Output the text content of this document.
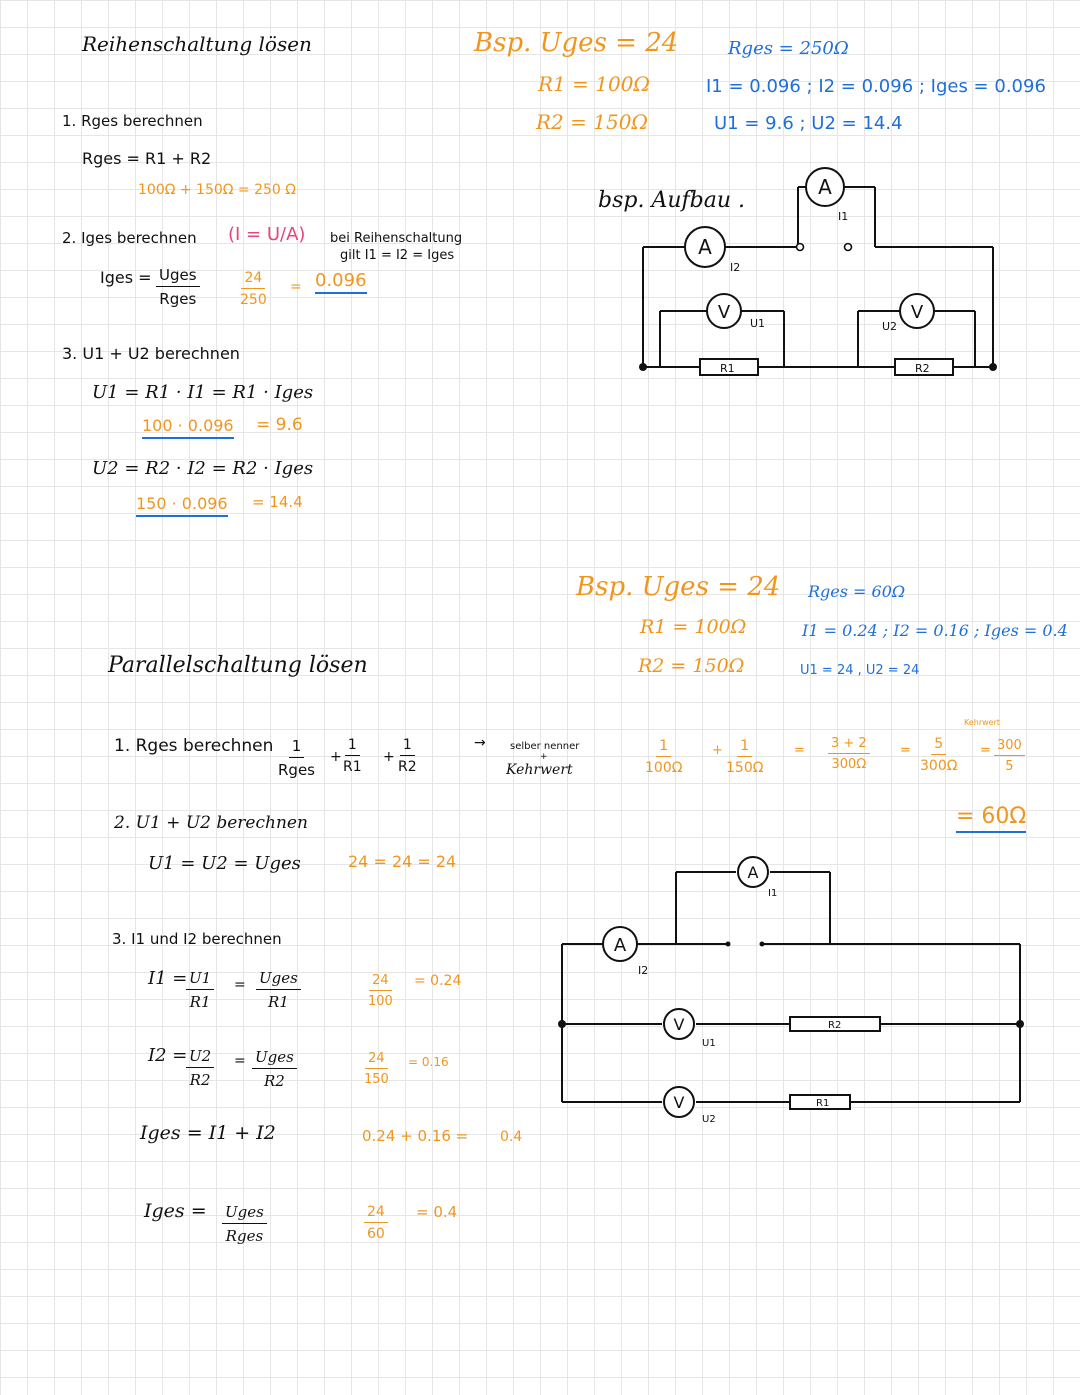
Reihenschaltung lösen
1. Rges berechnen
Rges = R1 + R2
100Ω + 150Ω = 250 Ω
2. Iges berechnen (I = U/A) bei Reihenschaltung
gilt I1 = I2 = Iges
Iges = Uges
Rges	$\frac{24}{250} = 0.096$
3. U1 + U2 berechnen
U1 = R1 · I1 = R1 · Iges
100 · 0.096 = 9.6
U2 = R2 · I2 = R2 · Iges
150 · 0.096 = 14.4
Bsp. Uges = 24
R1 = 100Ω
R2 = 150Ω
Rges = 250Ω
I1 = 0.096 ; I2 = 0.096 ; Iges = 0.096
U1 = 9.6 ; U2 = 14.4
bsp. Aufbau .
A
I2
A
I1
V
U1
V
U2
R1	R2
Parallelschaltung lösen
1. Rges berechnen 1
Rges
+ $\frac{1}{R1} + \frac{1}{R2}$	→ selber nenner
+
Kehrwert
2. U1 + U2 berechnen
U1 = U2 = Uges	24 = 24 = 24
3. I1 und I2 berechnen
I1 =
$\frac{U1}{R1}$ = Uges
R1	$\frac{24}{100} = 0.24$
I2 =
$\frac{U2}{R2}$ = Uges
R2	$\frac{24}{150} = 0.16$
Iges = I1 + I2	0.24 + 0.16 = 0.4
Iges = Uges
Rges	$\frac{24}{60} = 0.4$
Bsp. Uges = 24
R1 = 100Ω
R2 = 150Ω
Rges = 60Ω
I1 = 0.24 ; I2 = 0.16 ; Iges = 0.4
U1 = 24 , U2 = 24
$\frac{1}{100\Omega} + \frac{1}{150\Omega} = \frac{3 + 2}{300\Omega} = \frac{5}{300\Omega}$
Kehrwert
= $\frac{300}{5}$
= 60Ω
A
I2
A
I1
V
U1
V
U2
R2
R1
